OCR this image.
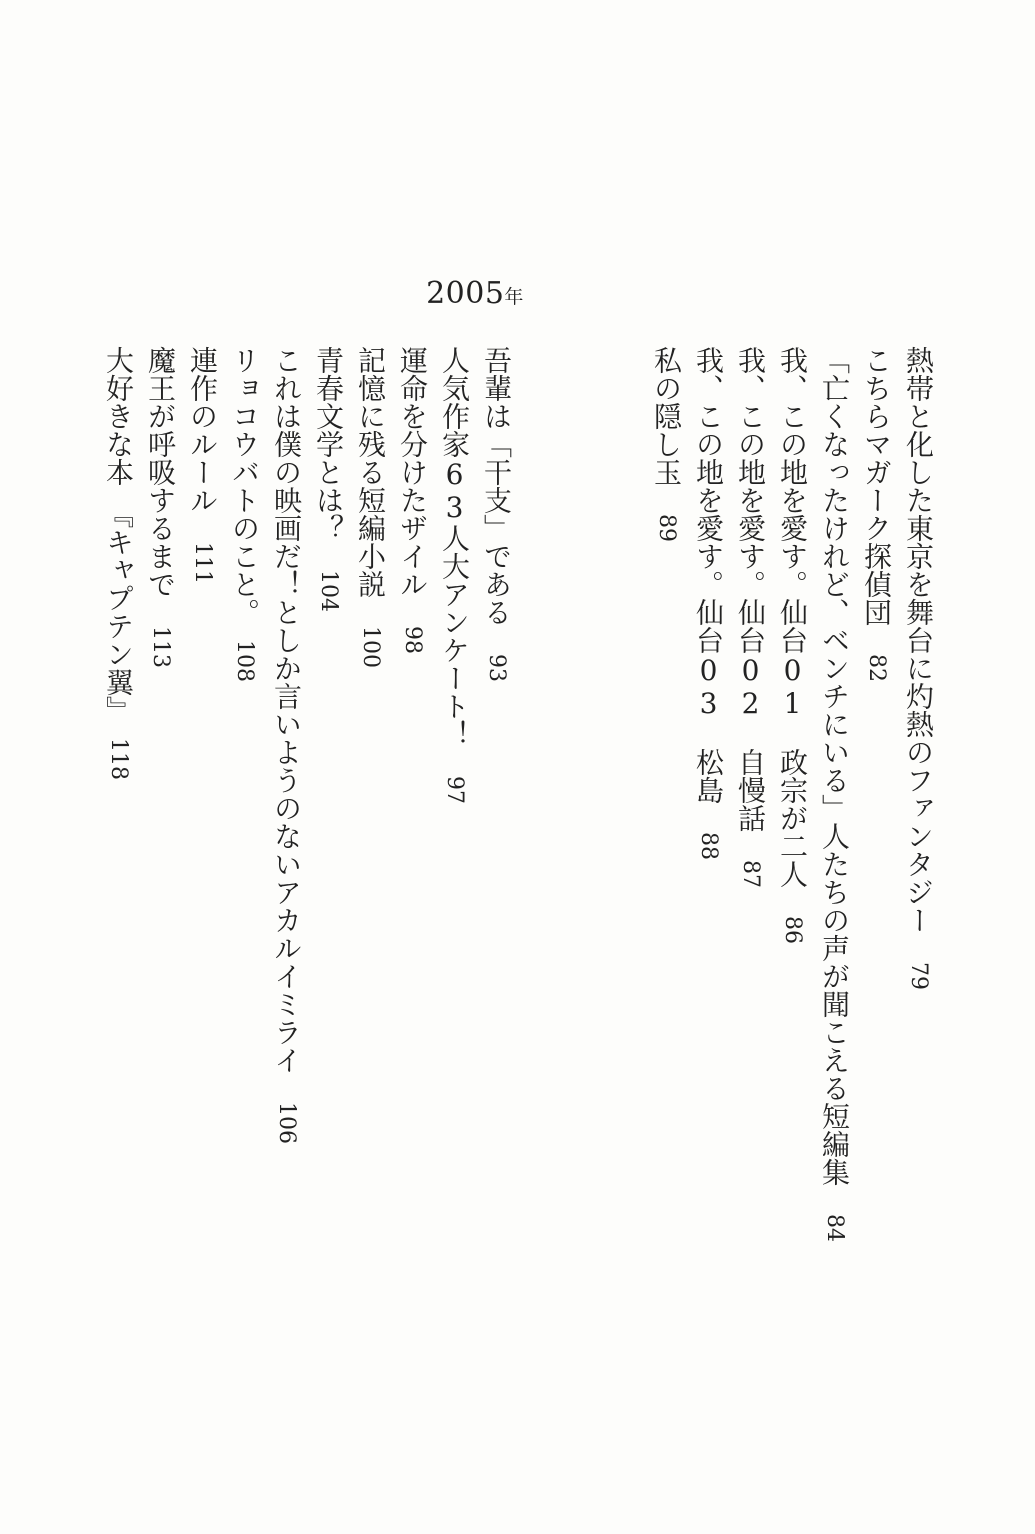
2005年
熱帯と化した東京を舞台に灼熱のファンタジー　79
こちらマガーク探偵団　82
「亡くなったけれど、ベンチにいる」人たちの声が聞こえる短編集　84
我、この地を愛す。仙台01　政宗が二人　86
我、この地を愛す。仙台02　自慢話　87
我、この地を愛す。仙台03　松島　88
私の隠し玉　89
吾輩は「干支」である　93
人気作家63人大アンケート！　97
運命を分けたザイル　98
記憶に残る短編小説　100
青春文学とは？　104
これは僕の映画だ！としか言いようのないアカルイミライ　106
リョコウバトのこと。　108
連作のルール　111
魔王が呼吸するまで　113
大好きな本　『キャプテン翼』　118
